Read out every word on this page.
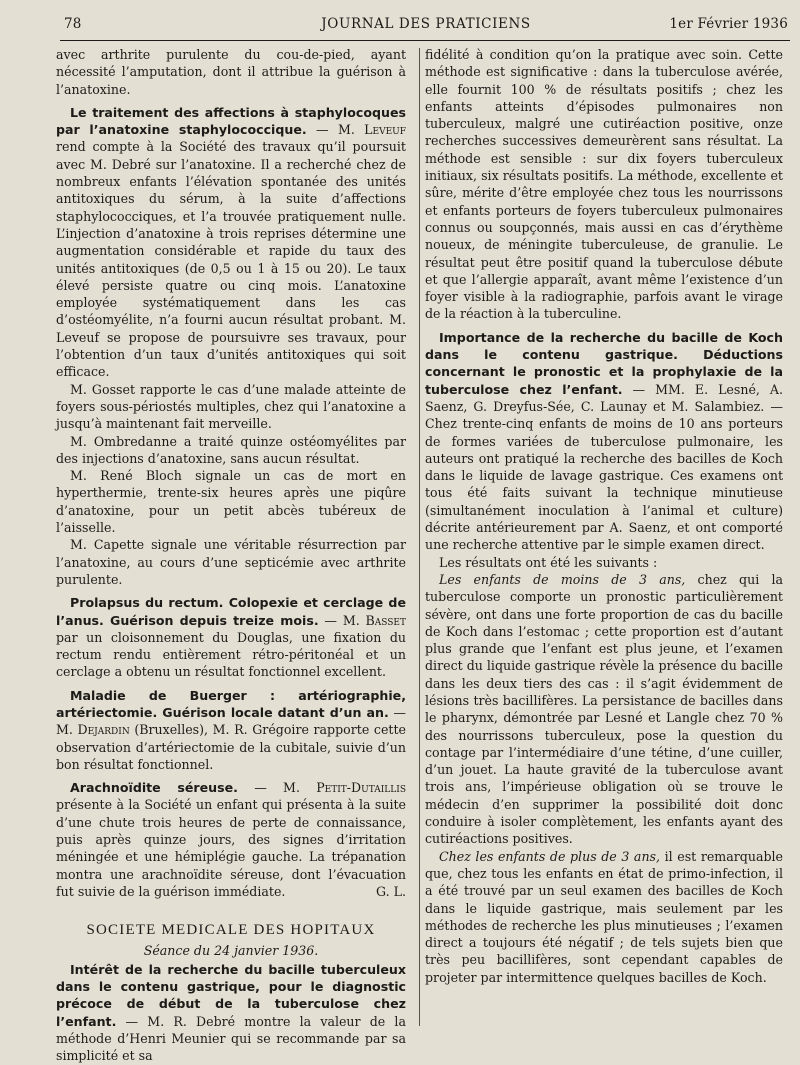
78	JOURNAL DES PRATICIENS	1er Février 1936

avec arthrite purulente du cou-de-pied, ayant nécessité l’amputation, dont il attribue la guérison à l’anatoxine.

Le traitement des affections à staphylocoques par l’anatoxine staphylococcique. — M. Leveuf rend compte à la Société des travaux qu’il poursuit avec M. Debré sur l’anatoxine. Il a recherché chez de nombreux enfants l’élévation spontanée des unités antitoxiques du sérum, à la suite d’affections staphylococciques, et l’a trouvée pratiquement nulle. L’injection d’anatoxine à trois reprises détermine une augmentation considérable et rapide du taux des unités antitoxiques (de 0,5 ou 1 à 15 ou 20). Le taux élevé persiste quatre ou cinq mois. L’anatoxine employée systématiquement dans les cas d’ostéomyélite, n’a fourni aucun résultat probant. M. Leveuf se propose de poursuivre ses travaux, pour l’obtention d’un taux d’unités antitoxiques qui soit efficace.

M. Gosset rapporte le cas d’une malade atteinte de foyers sous-périostés multiples, chez qui l’anatoxine a jusqu’à maintenant fait merveille.

M. Ombredanne a traité quinze ostéomyélites par des injections d’anatoxine, sans aucun résultat.

M. René Bloch signale un cas de mort en hyperthermie, trente-six heures après une piqûre d’anatoxine, pour un petit abcès tubéreux de l’aisselle.

M. Capette signale une véritable résurrection par l’anatoxine, au cours d’une septicémie avec arthrite purulente.

Prolapsus du rectum. Colopexie et cerclage de l’anus. Guérison depuis treize mois. — M. Basset par un cloisonnement du Douglas, une fixation du rectum rendu entièrement rétro-péritonéal et un cerclage a obtenu un résultat fonctionnel excellent.

Maladie de Buerger : artériographie, artériectomie. Guérison locale datant d’un an. — M. Dejardin (Bruxelles), M. R. Grégoire rapporte cette observation d’artériectomie de la cubitale, suivie d’un bon résultat fonctionnel.

Arachnoïdite séreuse. — M. Petit-Dutaillis présente à la Société un enfant qui présenta à la suite d’une chute trois heures de perte de connaissance, puis après quinze jours, des signes d’irritation méningée et une hémiplégie gauche. La trépanation montra une arachnoïdite séreuse, dont l’évacuation fut suivie de la guérison immédiate.	G. L.

SOCIETE MEDICALE DES HOPITAUX
Séance du 24 janvier 1936.

Intérêt de la recherche du bacille tuberculeux dans le contenu gastrique, pour le diagnostic précoce de début de la tuberculose chez l’enfant. — M. R. Debré montre la valeur de la méthode d’Henri Meunier qui se recommande par sa simplicité et sa

fidélité à condition qu’on la pratique avec soin. Cette méthode est significative : dans la tuberculose avérée, elle fournit 100 % de résultats positifs ; chez les enfants atteints d’épisodes pulmonaires non tuberculeux, malgré une cutiréaction positive, onze recherches successives demeurèrent sans résultat. La méthode est sensible : sur dix foyers tuberculeux initiaux, six résultats positifs. La méthode, excellente et sûre, mérite d’être employée chez tous les nourrissons et enfants porteurs de foyers tuberculeux pulmonaires connus ou soupçonnés, mais aussi en cas d’érythème noueux, de méningite tuberculeuse, de granulie. Le résultat peut être positif quand la tuberculose débute et que l’allergie apparaît, avant même l’existence d’un foyer visible à la radiographie, parfois avant le virage de la réaction à la tuberculine.

Importance de la recherche du bacille de Koch dans le contenu gastrique. Déductions concernant le pronostic et la prophylaxie de la tuberculose chez l’enfant. — MM. E. Lesné, A. Saenz, G. Dreyfus-Sée, C. Launay et M. Salambiez. — Chez trente-cinq enfants de moins de 10 ans porteurs de formes variées de tuberculose pulmonaire, les auteurs ont pratiqué la recherche des bacilles de Koch dans le liquide de lavage gastrique. Ces examens ont tous été faits suivant la technique minutieuse (simultanément inoculation à l’animal et culture) décrite antérieurement par A. Saenz, et ont comporté une recherche attentive par le simple examen direct.

Les résultats ont été les suivants :

Les enfants de moins de 3 ans, chez qui la tuberculose comporte un pronostic particulièrement sévère, ont dans une forte proportion de cas du bacille de Koch dans l’estomac ; cette proportion est d’autant plus grande que l’enfant est plus jeune, et l’examen direct du liquide gastrique révèle la présence du bacille dans les deux tiers des cas : il s’agit évidemment de lésions très bacillifères. La persistance de bacilles dans le pharynx, démontrée par Lesné et Langle chez 70 % des nourrissons tuberculeux, pose la question du contage par l’intermédiaire d’une tétine, d’une cuiller, d’un jouet. La haute gravité de la tuberculose avant trois ans, l’impérieuse obligation où se trouve le médecin d’en supprimer la possibilité doit donc conduire à isoler complètement, les enfants ayant des cutiréactions positives.

Chez les enfants de plus de 3 ans, il est remarquable que, chez tous les enfants en état de primo-infection, il a été trouvé par un seul examen des bacilles de Koch dans le liquide gastrique, mais seulement par les méthodes de recherche les plus minutieuses ; l’examen direct a toujours été négatif ; de tels sujets bien que très peu bacillifères, sont cependant capables de projeter par intermittence quelques bacilles de Koch.
